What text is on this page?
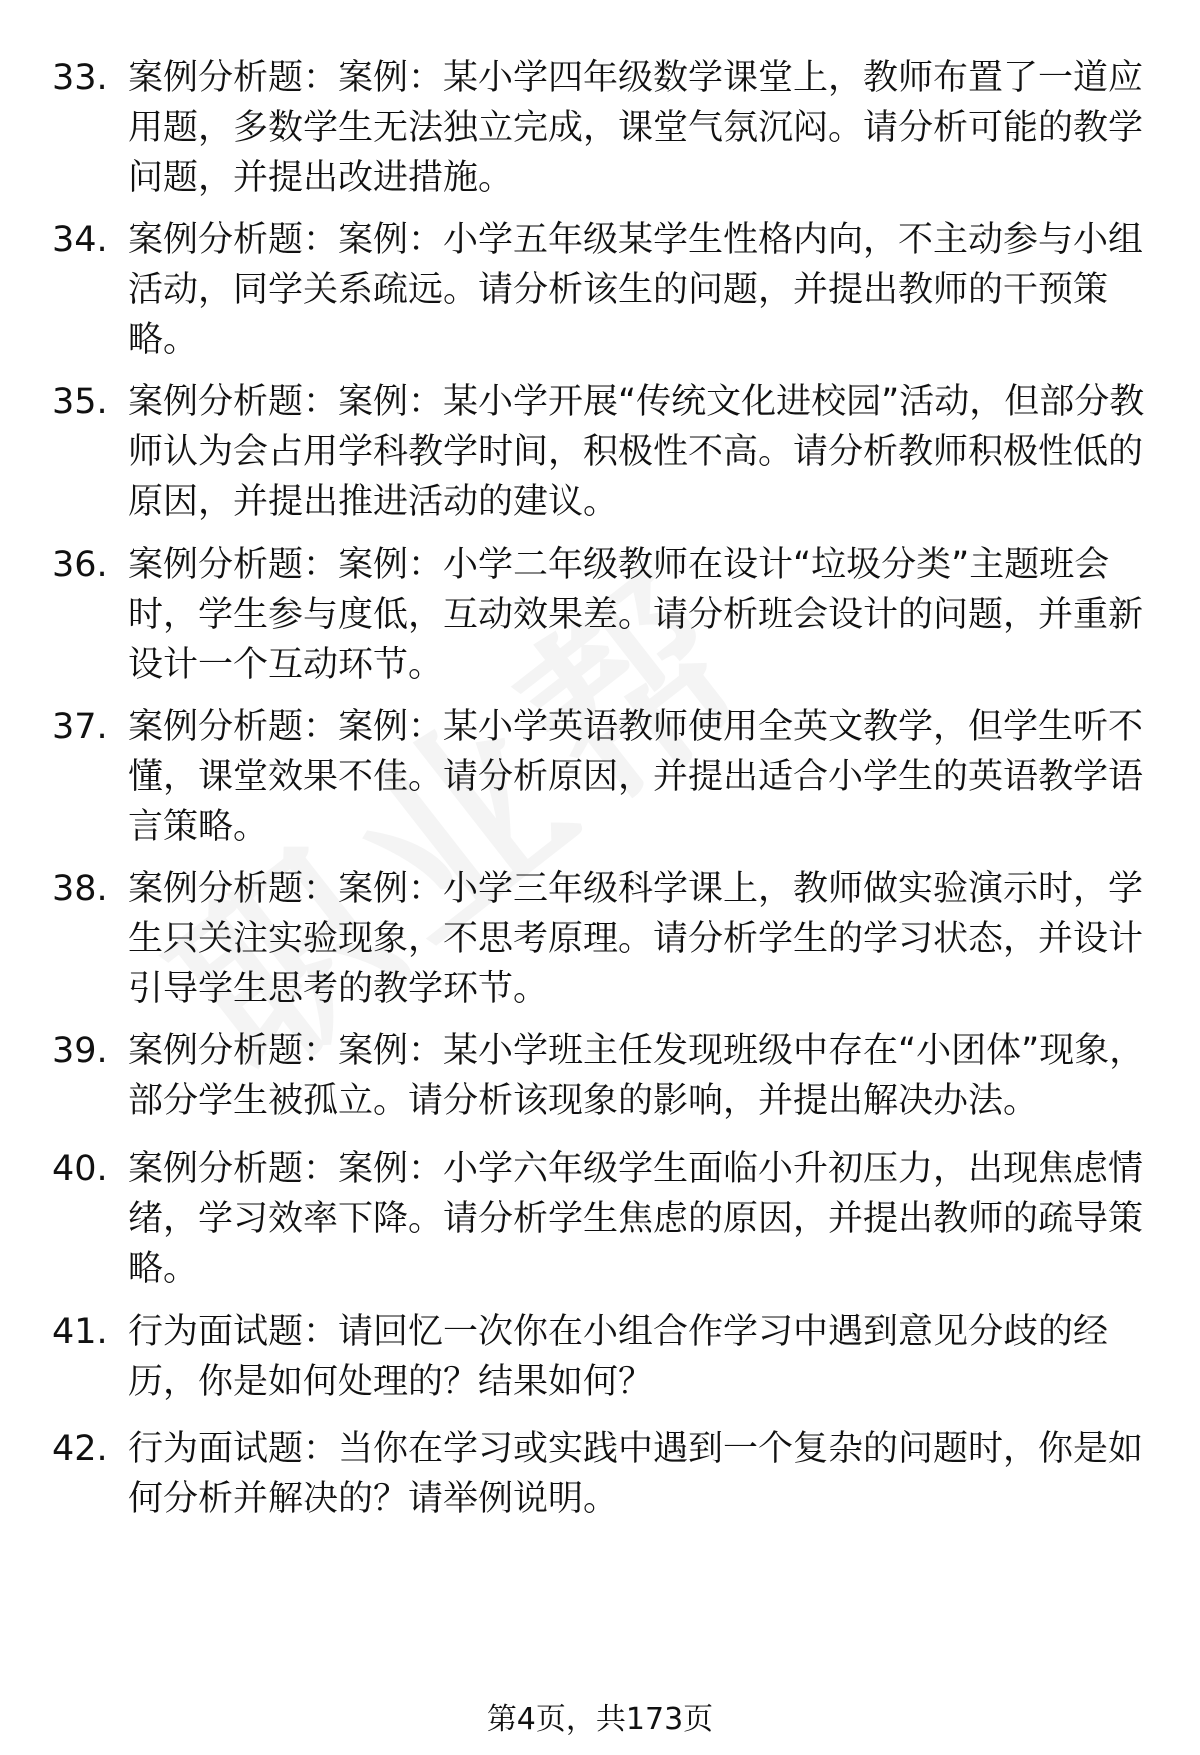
33. 案例分析题：案例：某小学四年级数学课堂上，教师布置了一道应用题，多数学生无法独立完成，课堂气氛沉闷。请分析可能的教学问题，并提出改进措施。
34. 案例分析题：案例：小学五年级某学生性格内向，不主动参与小组活动，同学关系疏远。请分析该生的问题，并提出教师的干预策略。
35. 案例分析题：案例：某小学开展“传统文化进校园”活动，但部分教师认为会占用学科教学时间，积极性不高。请分析教师积极性低的原因，并提出推进活动的建议。
36. 案例分析题：案例：小学二年级教师在设计“垃圾分类”主题班会时，学生参与度低，互动效果差。请分析班会设计的问题，并重新设计一个互动环节。
37. 案例分析题：案例：某小学英语教师使用全英文教学，但学生听不懂，课堂效果不佳。请分析原因，并提出适合小学生的英语教学语言策略。
38. 案例分析题：案例：小学三年级科学课上，教师做实验演示时，学生只关注实验现象，不思考原理。请分析学生的学习状态，并设计引导学生思考的教学环节。
39. 案例分析题：案例：某小学班主任发现班级中存在“小团体”现象，部分学生被孤立。请分析该现象的影响，并提出解决办法。
40. 案例分析题：案例：小学六年级学生面临小升初压力，出现焦虑情绪，学习效率下降。请分析学生焦虑的原因，并提出教师的疏导策略。
41. 行为面试题：请回忆一次你在小组合作学习中遇到意见分歧的经历，你是如何处理的？结果如何？
42. 行为面试题：当你在学习或实践中遇到一个复杂的问题时，你是如何分析并解决的？请举例说明。
第4页，共173页
